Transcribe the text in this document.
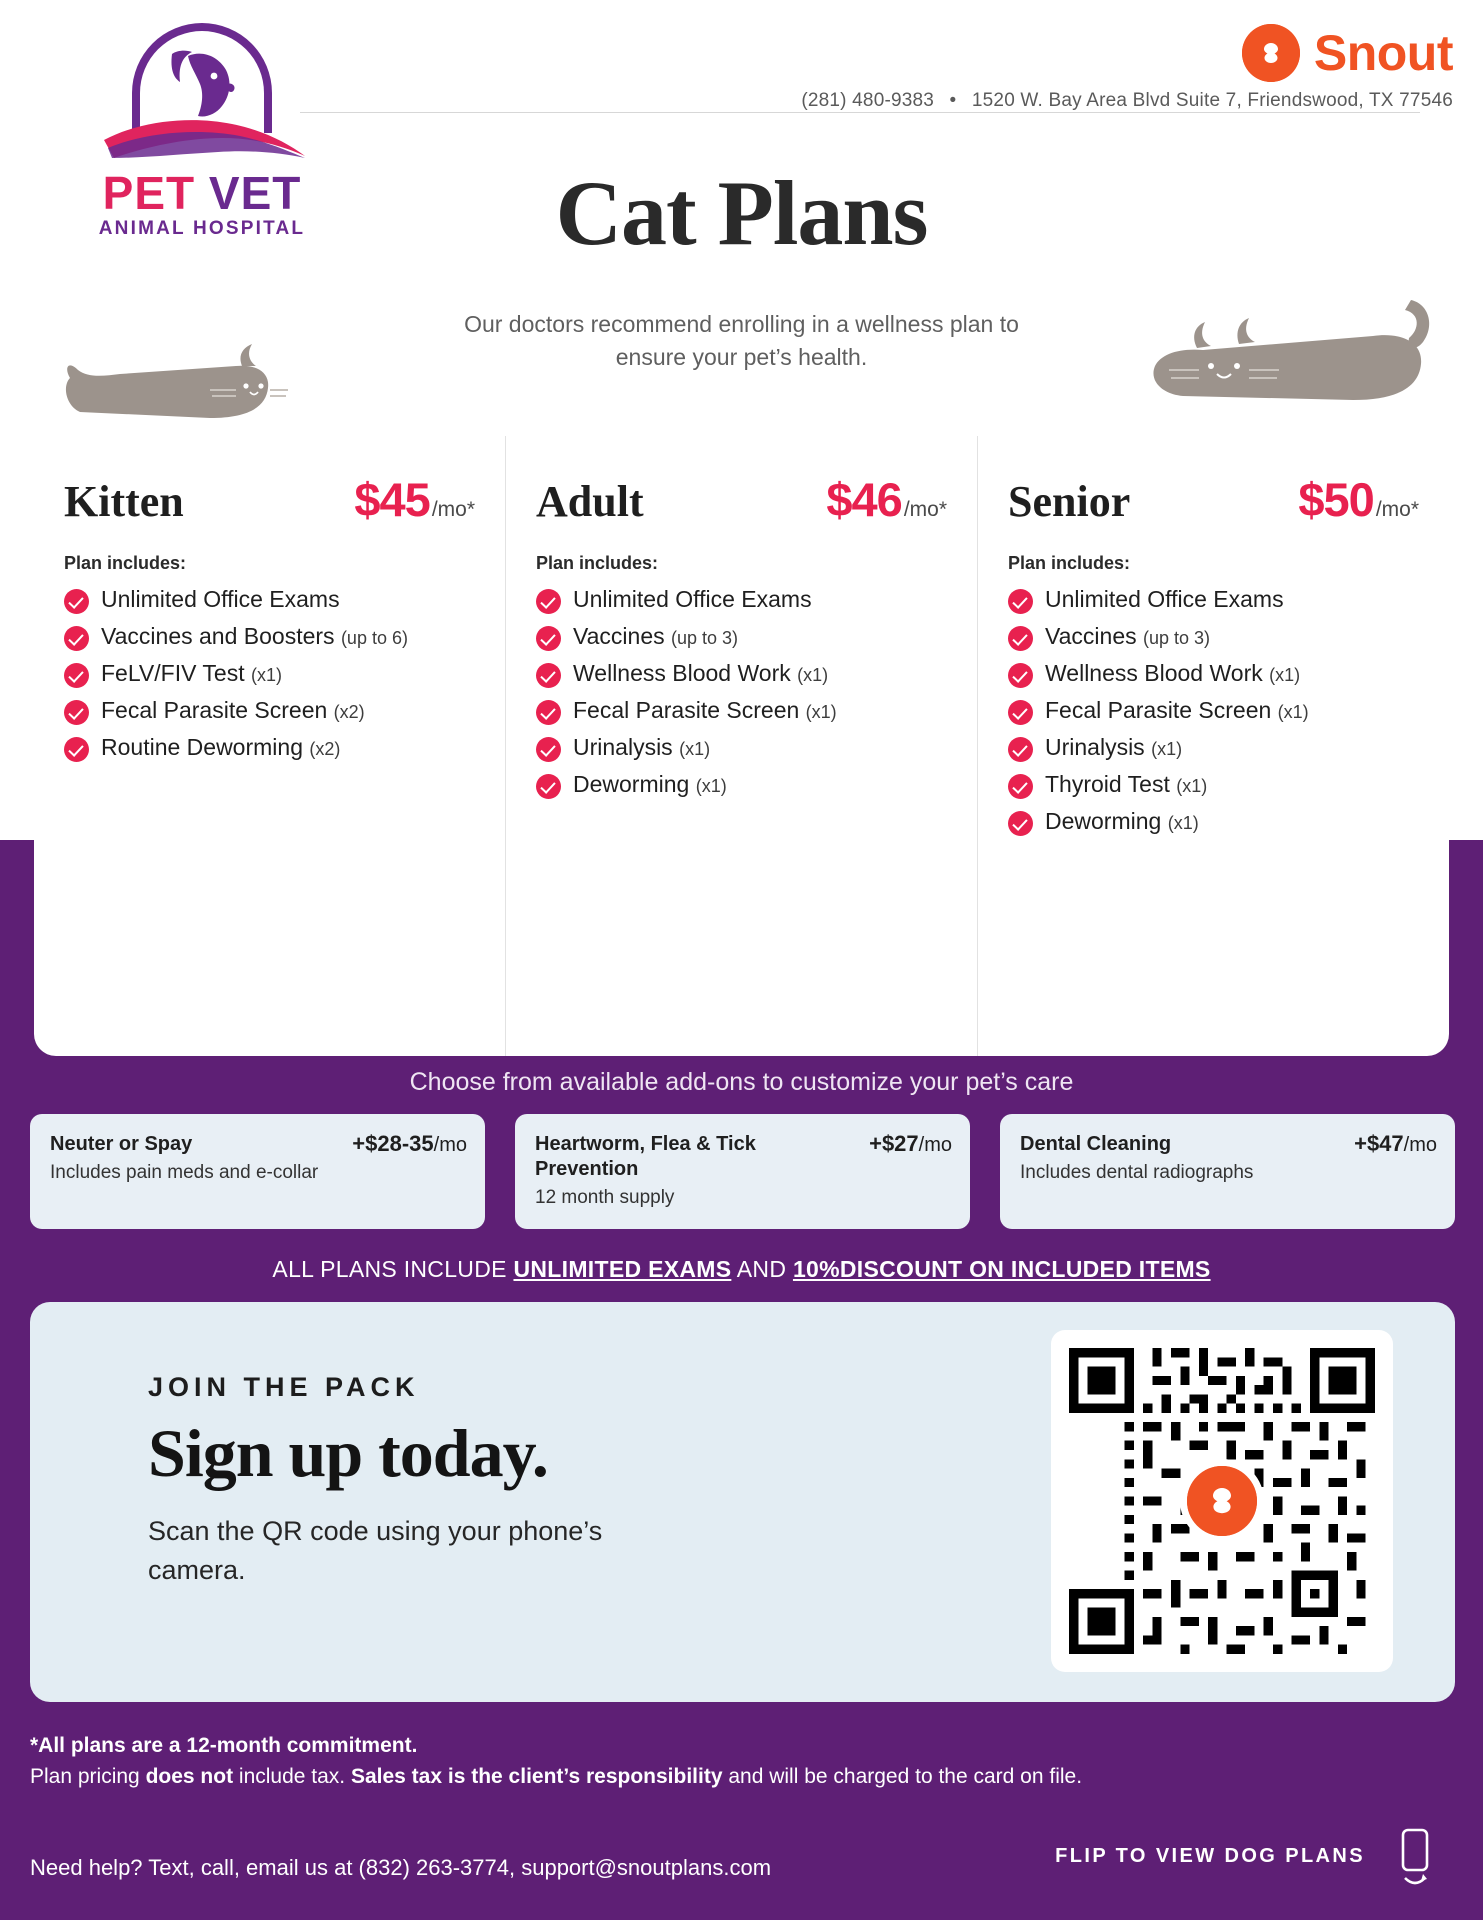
PET VET
ANIMAL HOSPITAL
Snout
(281) 480-9383 • 1520 W. Bay Area Blvd Suite 7, Friendswood, TX 77546
Cat Plans
Our doctors recommend enrolling in a wellness plan to ensure your pet’s health.
Kitten	$45/mo*
Plan includes:
Unlimited Office Exams
Vaccines and Boosters (up to 6)
FeLV/FIV Test (x1)
Fecal Parasite Screen (x2)
Routine Deworming (x2)
Adult	$46/mo*
Plan includes:
Unlimited Office Exams
Vaccines (up to 3)
Wellness Blood Work (x1)
Fecal Parasite Screen (x1)
Urinalysis (x1)
Deworming (x1)
Senior	$50/mo*
Plan includes:
Unlimited Office Exams
Vaccines (up to 3)
Wellness Blood Work (x1)
Fecal Parasite Screen (x1)
Urinalysis (x1)
Thyroid Test (x1)
Deworming (x1)
Choose from available add-ons to customize your pet’s care
Neuter or Spay
Includes pain meds and e-collar
+$28-35/mo	Heartworm, Flea & Tick Prevention
12 month supply
+$27/mo	Dental Cleaning
Includes dental radiographs
+$47/mo
ALL PLANS INCLUDE UNLIMITED EXAMS AND 10%DISCOUNT ON INCLUDED ITEMS
JOIN THE PACK
Sign up today.
Scan the QR code using your phone’s camera.
*All plans are a 12-month commitment.
Plan pricing does not include tax. Sales tax is the client’s responsibility and will be charged to the card on file.
Need help? Text, call, email us at (832) 263-3774, support@snoutplans.com	FLIP TO VIEW DOG PLANS
